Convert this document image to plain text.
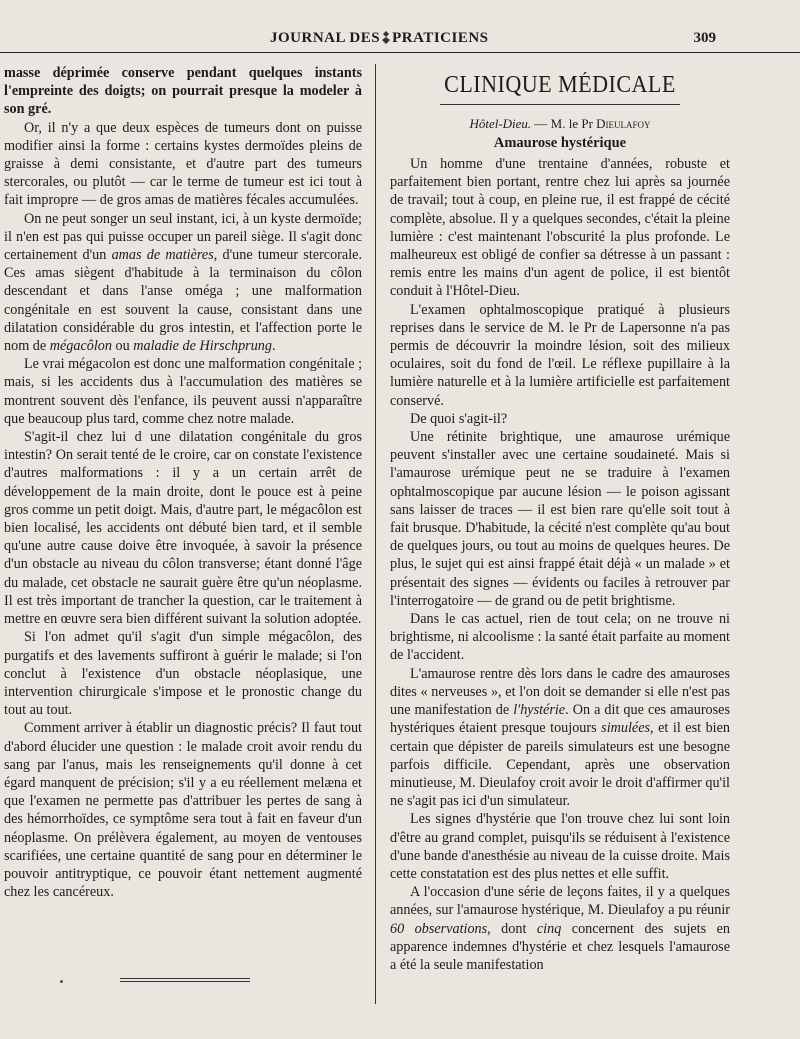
JOURNAL DES PRATICIENS	309

masse déprimée conserve pendant quelques instants l'empreinte des doigts; on pourrait presque la modeler à son gré.

Or, il n'y a que deux espèces de tumeurs dont on puisse modifier ainsi la forme : certains kystes dermoïdes pleins de graisse à demi consistante, et d'autre part des tumeurs stercorales, ou plutôt — car le terme de tumeur est ici tout à fait impropre — de gros amas de matières fécales accumulées.

On ne peut songer un seul instant, ici, à un kyste dermoïde; il n'en est pas qui puisse occuper un pareil siège. Il s'agit donc certainement d'un amas de matières, d'une tumeur stercorale. Ces amas siègent d'habitude à la terminaison du côlon descendant et dans l'anse oméga ; une malformation congénitale en est souvent la cause, consistant dans une dilatation considérable du gros intestin, et l'affection porte le nom de mégacôlon ou maladie de Hirschprung.

Le vrai mégacolon est donc une malformation congénitale ; mais, si les accidents dus à l'accumulation des matières se montrent souvent dès l'enfance, ils peuvent aussi n'apparaître que beaucoup plus tard, comme chez notre malade.

S'agit-il chez lui d une dilatation congénitale du gros intestin? On serait tenté de le croire, car on constate l'existence d'autres malformations : il y a un certain arrêt de développement de la main droite, dont le pouce est à peine gros comme un petit doigt. Mais, d'autre part, le mégacôlon est bien localisé, les accidents ont débuté bien tard, et il semble qu'une autre cause doive être invoquée, à savoir la présence d'un obstacle au niveau du côlon transverse; étant donné l'âge du malade, cet obstacle ne saurait guère être qu'un néoplasme. Il est très important de trancher la question, car le traitement à mettre en œuvre sera bien différent suivant la solution adoptée.

Si l'on admet qu'il s'agit d'un simple mégacôlon, des purgatifs et des lavements suffiront à guérir le malade; si l'on conclut à l'existence d'un obstacle néoplasique, une intervention chirurgicale s'impose et le pronostic change du tout au tout.

Comment arriver à établir un diagnostic précis? Il faut tout d'abord élucider une question : le malade croit avoir rendu du sang par l'anus, mais les renseignements qu'il donne à cet égard manquent de précision; s'il y a eu réellement melæna et que l'examen ne permette pas d'attribuer les pertes de sang à des hémorrhoïdes, ce symptôme sera tout à fait en faveur d'un néoplasme. On prélèvera également, au moyen de ventouses scarifiées, une certaine quantité de sang pour en déterminer le pouvoir antitryptique, ce pouvoir étant nettement augmenté chez les cancéreux.

CLINIQUE MÉDICALE
Hôtel-Dieu. — M. le Pr Dieulafoy
Amaurose hystérique

Un homme d'une trentaine d'années, robuste et parfaitement bien portant, rentre chez lui après sa journée de travail; tout à coup, en pleine rue, il est frappé de cécité complète, absolue. Il y a quelques secondes, c'était la pleine lumière : c'est maintenant l'obscurité la plus profonde. Le malheureux est obligé de confier sa détresse à un passant : remis entre les mains d'un agent de police, il est bientôt conduit à l'Hôtel-Dieu.

L'examen ophtalmoscopique pratiqué à plusieurs reprises dans le service de M. le Pr de Lapersonne n'a pas permis de découvrir la moindre lésion, soit des milieux oculaires, soit du fond de l'œil. Le réflexe pupillaire à la lumière naturelle et à la lumière artificielle est parfaitement conservé.

De quoi s'agit-il?

Une rétinite brightique, une amaurose urémique peuvent s'installer avec une certaine soudaineté. Mais si l'amaurose urémique peut ne se traduire à l'examen ophtalmoscopique par aucune lésion — le poison agissant sans laisser de traces — il est bien rare qu'elle soit tout à fait brusque. D'habitude, la cécité n'est complète qu'au bout de quelques jours, ou tout au moins de quelques heures. De plus, le sujet qui est ainsi frappé était déjà « un malade » et présentait des signes — évidents ou faciles à retrouver par l'interrogatoire — de grand ou de petit brightisme.

Dans le cas actuel, rien de tout cela; on ne trouve ni brightisme, ni alcoolisme : la santé était parfaite au moment de l'accident.

L'amaurose rentre dès lors dans le cadre des amauroses dites « nerveuses », et l'on doit se demander si elle n'est pas une manifestation de l'hystérie. On a dit que ces amauroses hystériques étaient presque toujours simulées, et il est bien certain que dépister de pareils simulateurs est une besogne parfois difficile. Cependant, après une observation minutieuse, M. Dieulafoy croit avoir le droit d'affirmer qu'il ne s'agit pas ici d'un simulateur.

Les signes d'hystérie que l'on trouve chez lui sont loin d'être au grand complet, puisqu'ils se réduisent à l'existence d'une bande d'anesthésie au niveau de la cuisse droite. Mais cette constatation est des plus nettes et elle suffit.

A l'occasion d'une série de leçons faites, il y a quelques années, sur l'amaurose hystérique, M. Dieulafoy a pu réunir 60 observations, dont cinq concernent des sujets en apparence indemnes d'hystérie et chez lesquels l'amaurose a été la seule manifestation
